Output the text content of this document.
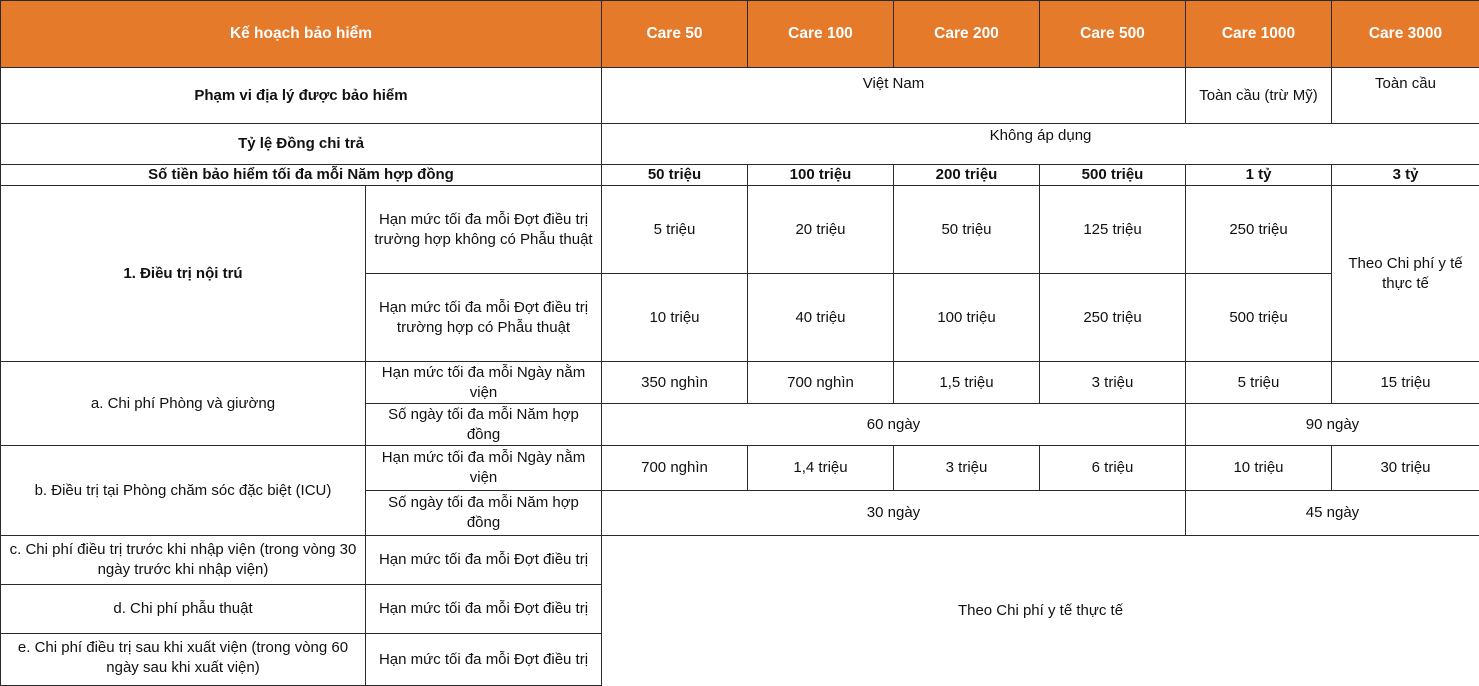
Kế hoạch bảo hiểm		Care 50	Care 100	Care 200	Care 500	Care 1000	Care 3000
Phạm vi địa lý được bảo hiểm		Việt Nam				Toàn cầu (trừ Mỹ)	Toàn cầu
Tỷ lệ Đồng chi trả		Không áp dụng					
Số tiền bảo hiểm tối đa mỗi Năm hợp đồng		50 triệu	100 triệu	200 triệu	500 triệu	1 tỷ	3 tỷ
1. Điều trị nội trú	Hạn mức tối đa mỗi Đợt điều trị trường hợp không có Phẫu thuật	5 triệu	20 triệu	50 triệu	125 triệu	250 triệu	Theo Chi phí y tế thực tế
	Hạn mức tối đa mỗi Đợt điều trị trường hợp có Phẫu thuật	10 triệu	40 triệu	100 triệu	250 triệu	500 triệu	
a. Chi phí Phòng và giường	Hạn mức tối đa mỗi Ngày nằm viện	350 nghìn	700 nghìn	1,5 triệu	3 triệu	5 triệu	15 triệu
	Số ngày tối đa mỗi Năm hợp đồng	60 ngày				90 ngày	
b. Điều trị tại Phòng chăm sóc đặc biệt (ICU)	Hạn mức tối đa mỗi Ngày nằm viện	700 nghìn	1,4 triệu	3 triệu	6 triệu	10 triệu	30 triệu
	Số ngày tối đa mỗi Năm hợp đồng	30 ngày				45 ngày	
c. Chi phí điều trị trước khi nhập viện (trong vòng 30 ngày trước khi nhập viện)	Hạn mức tối đa mỗi Đợt điều trị	Theo Chi phí y tế thực tế					
d. Chi phí phẫu thuật	Hạn mức tối đa mỗi Đợt điều trị						
e. Chi phí điều trị sau khi xuất viện (trong vòng 60 ngày sau khi xuất viện)	Hạn mức tối đa mỗi Đợt điều trị						
